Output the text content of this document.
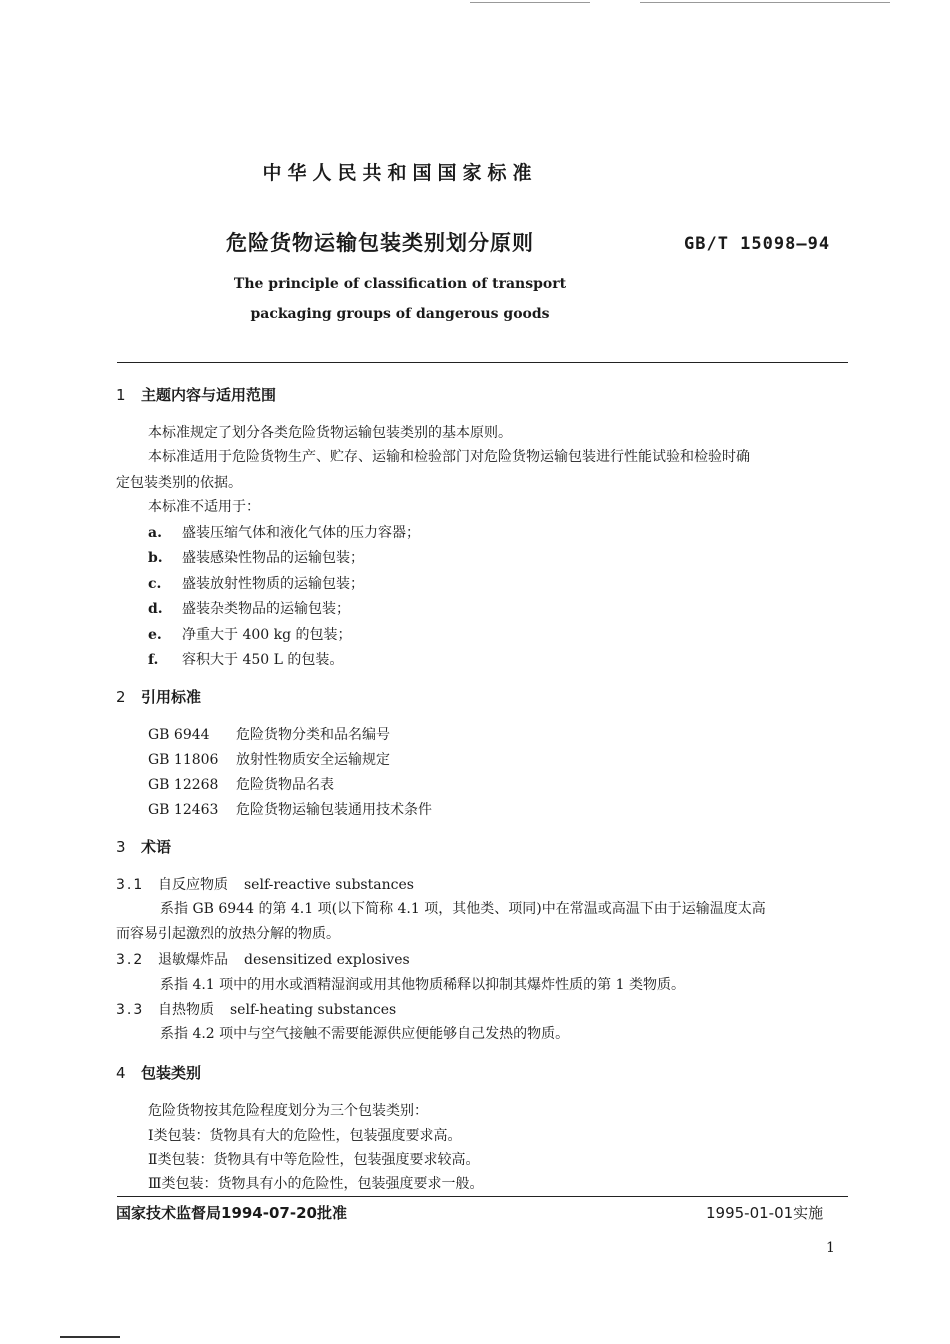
中华人民共和国国家标准
危险货物运输包装类别划分原则	GB/T 15098—94
The principle of classification of transport
packaging groups of dangerous goods
1 主题内容与适用范围
本标准规定了划分各类危险货物运输包装类别的基本原则。
本标准适用于危险货物生产、贮存、运输和检验部门对危险货物运输包装进行性能试验和检验时确
定包装类别的依据。
本标准不适用于：
a. 盛装压缩气体和液化气体的压力容器；
b. 盛装感染性物品的运输包装；
c. 盛装放射性物质的运输包装；
d. 盛装杂类物品的运输包装；
e. 净重大于 400 kg 的包装；
f. 容积大于 450 L 的包装。
2 引用标准
GB 6944 危险货物分类和品名编号
GB 11806 放射性物质安全运输规定
GB 12268 危险货物品名表
GB 12463 危险货物运输包装通用技术条件
3 术语
3.1 自反应物质 self-reactive substances
系指 GB 6944 的第 4.1 项(以下简称 4.1 项，其他类、项同)中在常温或高温下由于运输温度太高
而容易引起激烈的放热分解的物质。
3.2 退敏爆炸品 desensitized explosives
系指 4.1 项中的用水或酒精湿润或用其他物质稀释以抑制其爆炸性质的第 1 类物质。
3.3 自热物质 self-heating substances
系指 4.2 项中与空气接触不需要能源供应便能够自己发热的物质。
4 包装类别
危险货物按其危险程度划分为三个包装类别：
Ⅰ类包装：货物具有大的危险性，包装强度要求高。
Ⅱ类包装：货物具有中等危险性，包装强度要求较高。
Ⅲ类包装：货物具有小的危险性，包装强度要求一般。
国家技术监督局1994-07-20批准	1995-01-01实施
1
